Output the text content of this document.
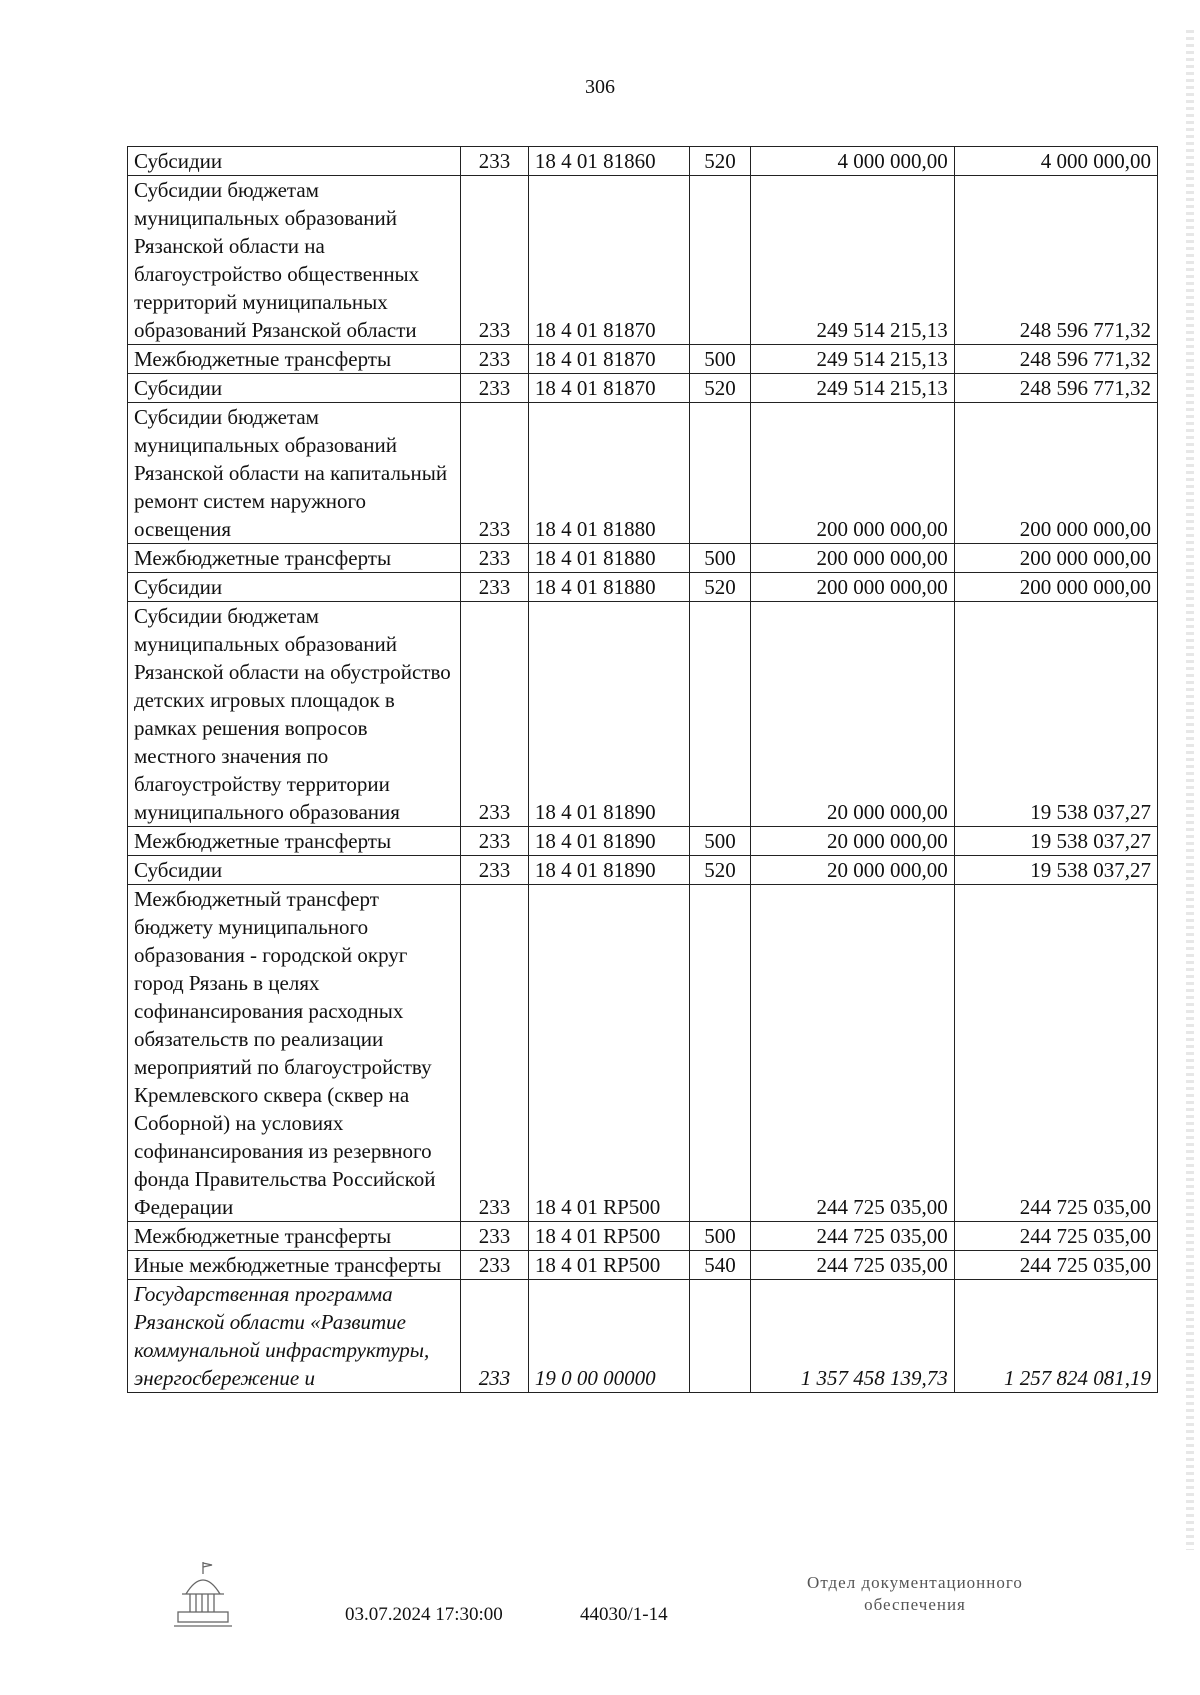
306
Субсидии	233	18 4 01 81860	520	4 000 000,00	4 000 000,00
Субсидии бюджетам муниципальных образований Рязанской области на благоустройство общественных территорий муниципальных образований Рязанской области	233	18 4 01 81870		249 514 215,13	248 596 771,32
Межбюджетные трансферты	233	18 4 01 81870	500	249 514 215,13	248 596 771,32
Субсидии	233	18 4 01 81870	520	249 514 215,13	248 596 771,32
Субсидии бюджетам муниципальных образований Рязанской области на капитальный ремонт систем наружного освещения	233	18 4 01 81880		200 000 000,00	200 000 000,00
Межбюджетные трансферты	233	18 4 01 81880	500	200 000 000,00	200 000 000,00
Субсидии	233	18 4 01 81880	520	200 000 000,00	200 000 000,00
Субсидии бюджетам муниципальных образований Рязанской области на обустройство детских игровых площадок в рамках решения вопросов местного значения по благоустройству территории муниципального образования	233	18 4 01 81890		20 000 000,00	19 538 037,27
Межбюджетные трансферты	233	18 4 01 81890	500	20 000 000,00	19 538 037,27
Субсидии	233	18 4 01 81890	520	20 000 000,00	19 538 037,27
Межбюджетный трансферт бюджету муниципального образования - городской округ город Рязань в целях софинансирования расходных обязательств по реализации мероприятий по благоустройству Кремлевского сквера (сквер на Соборной) на условиях софинансирования из резервного фонда Правительства Российской Федерации	233	18 4 01 RP500		244 725 035,00	244 725 035,00
Межбюджетные трансферты	233	18 4 01 RP500	500	244 725 035,00	244 725 035,00
Иные межбюджетные трансферты	233	18 4 01 RP500	540	244 725 035,00	244 725 035,00
Государственная программа Рязанской области «Развитие коммунальной инфраструктуры, энергосбережение и	233	19 0 00 00000		1 357 458 139,73	1 257 824 081,19
03.07.2024 17:30:00	44030/1-14
Отдел документационного
обеспечения
